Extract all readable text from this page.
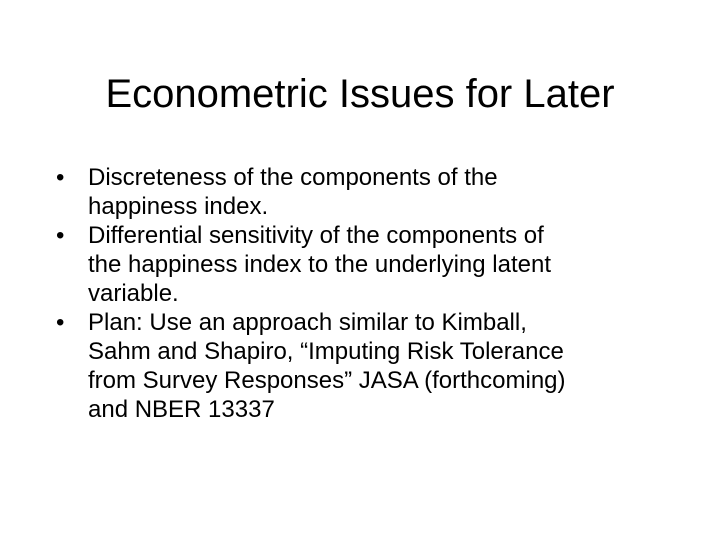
Econometric Issues for Later
• Discreteness of the components of the
happiness index.
• Differential sensitivity of the components of
the happiness index to the underlying latent
variable.
• Plan: Use an approach similar to Kimball,
Sahm and Shapiro, “Imputing Risk Tolerance
from Survey Responses” JASA (forthcoming)
and NBER 13337
